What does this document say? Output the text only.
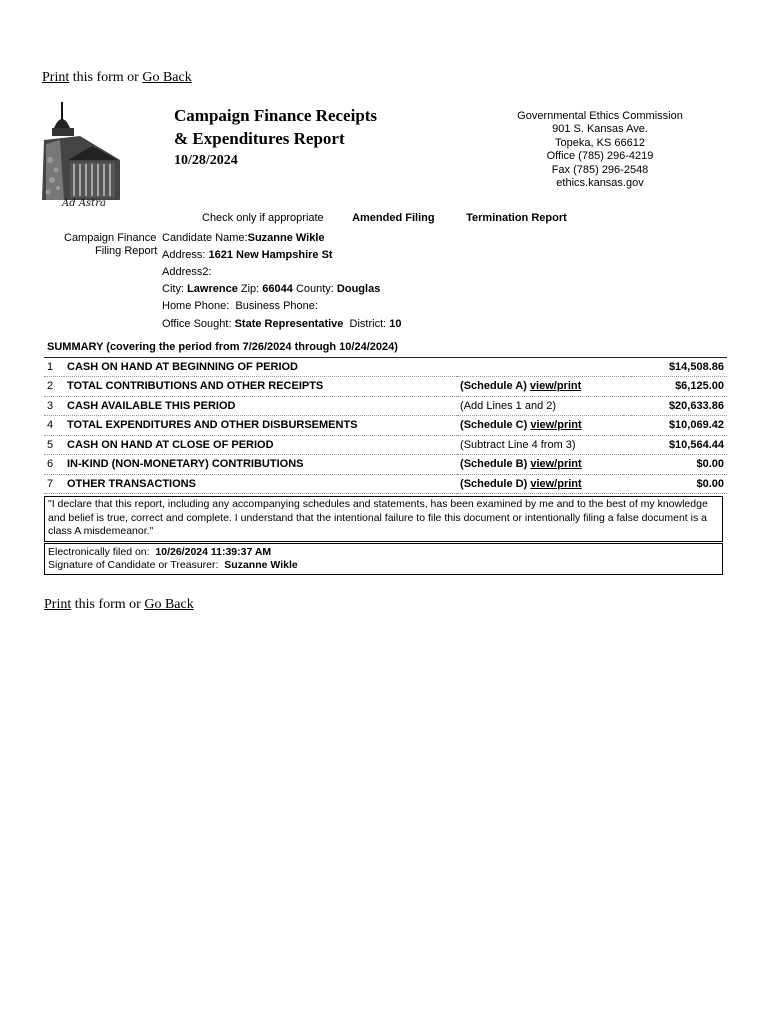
Print this form or Go Back
Ad Astra
Campaign Finance Receipts
& Expenditures Report
10/28/2024
Governmental Ethics Commission
901 S. Kansas Ave.
Topeka, KS 66612
Office (785) 296-4219
Fax (785) 296-2548
ethics.kansas.gov
Check only if appropriate	Amended Filing	Termination Report
Campaign Finance
Filing Report
Candidate Name:Suzanne Wikle
Address: 1621 New Hampshire St
Address2:
City: Lawrence Zip: 66044 County: Douglas
Home Phone: Business Phone:
Office Sought: State Representative District: 10
SUMMARY (covering the period from 7/26/2024 through 10/24/2024)				
1	CASH ON HAND AT BEGINNING OF PERIOD			$14,508.86
2	TOTAL CONTRIBUTIONS AND OTHER RECEIPTS	(Schedule A) view/print		$6,125.00
3	CASH AVAILABLE THIS PERIOD	(Add Lines 1 and 2)		$20,633.86
4	TOTAL EXPENDITURES AND OTHER DISBURSEMENTS	(Schedule C) view/print		$10,069.42
5	CASH ON HAND AT CLOSE OF PERIOD	(Subtract Line 4 from 3)		$10,564.44
6	IN-KIND (NON-MONETARY) CONTRIBUTIONS	(Schedule B) view/print		$0.00
7	OTHER TRANSACTIONS	(Schedule D) view/print		$0.00
"I declare that this report, including any accompanying schedules and statements, has been examined by me and to the best of my knowledge and belief is true, correct and complete. I understand that the intentional failure to file this document or intentionally filing a false document is a class A misdemeanor."
Electronically filed on: 10/26/2024 11:39:37 AM
Signature of Candidate or Treasurer: Suzanne Wikle
Print this form or Go Back
